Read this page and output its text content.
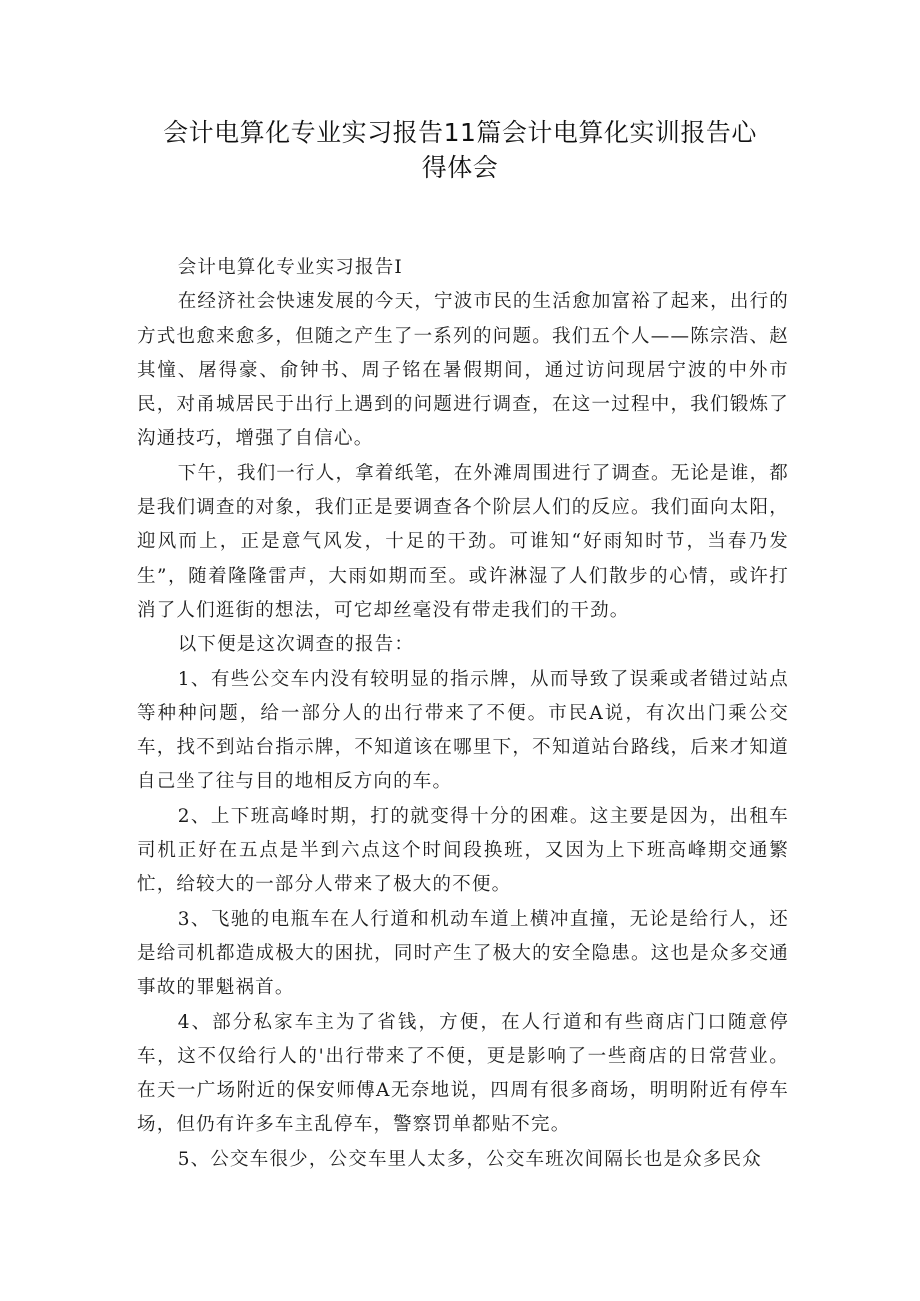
会计电算化专业实习报告11篇会计电算化实训报告心
得体会

会计电算化专业实习报告Ⅰ

在经济社会快速发展的今天，宁波市民的生活愈加富裕了起来，出行的方式也愈来愈多，但随之产生了一系列的问题。我们五个人——陈宗浩、赵其憧、屠得豪、俞钟书、周子铭在暑假期间，通过访问现居宁波的中外市民，对甬城居民于出行上遇到的问题进行调查，在这一过程中，我们锻炼了沟通技巧，增强了自信心。

下午，我们一行人，拿着纸笔，在外滩周围进行了调查。无论是谁，都是我们调查的对象，我们正是要调查各个阶层人们的反应。我们面向太阳，迎风而上，正是意气风发，十足的干劲。可谁知“好雨知时节，当春乃发生”，随着隆隆雷声，大雨如期而至。或许淋湿了人们散步的心情，或许打消了人们逛街的想法，可它却丝毫没有带走我们的干劲。

以下便是这次调查的报告：

1、有些公交车内没有较明显的指示牌，从而导致了误乘或者错过站点等种种问题，给一部分人的出行带来了不便。市民A说，有次出门乘公交车，找不到站台指示牌，不知道该在哪里下，不知道站台路线，后来才知道自己坐了往与目的地相反方向的车。

2、上下班高峰时期，打的就变得十分的困难。这主要是因为，出租车司机正好在五点是半到六点这个时间段换班，又因为上下班高峰期交通繁忙，给较大的一部分人带来了极大的不便。

3、飞驰的电瓶车在人行道和机动车道上横冲直撞，无论是给行人，还是给司机都造成极大的困扰，同时产生了极大的安全隐患。这也是众多交通事故的罪魁祸首。

4、部分私家车主为了省钱，方便，在人行道和有些商店门口随意停车，这不仅给行人的'出行带来了不便，更是影响了一些商店的日常营业。在天一广场附近的保安师傅A无奈地说，四周有很多商场，明明附近有停车场，但仍有许多车主乱停车，警察罚单都贴不完。

5、公交车很少，公交车里人太多，公交车班次间隔长也是众多民众
